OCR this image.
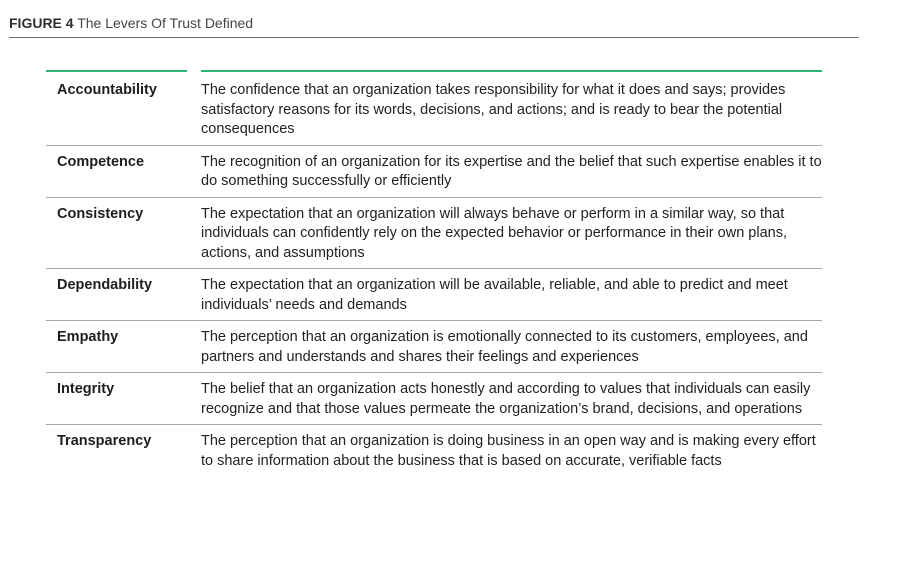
FIGURE 4 The Levers Of Trust Defined
Accountability	The confidence that an organization takes responsibility for what it does and says; provides satisfactory reasons for its words, decisions, and actions; and is ready to bear the potential consequences
Competence	The recognition of an organization for its expertise and the belief that such expertise enables it to do something successfully or efficiently
Consistency	The expectation that an organization will always behave or perform in a similar way, so that individuals can confidently rely on the expected behavior or performance in their own plans, actions, and assumptions
Dependability	The expectation that an organization will be available, reliable, and able to predict and meet individuals’ needs and demands
Empathy	The perception that an organization is emotionally connected to its customers, employees, and partners and understands and shares their feelings and experiences
Integrity	The belief that an organization acts honestly and according to values that individuals can easily recognize and that those values permeate the organization’s brand, decisions, and operations
Transparency	The perception that an organization is doing business in an open way and is making every effort to share information about the business that is based on accurate, verifiable facts
